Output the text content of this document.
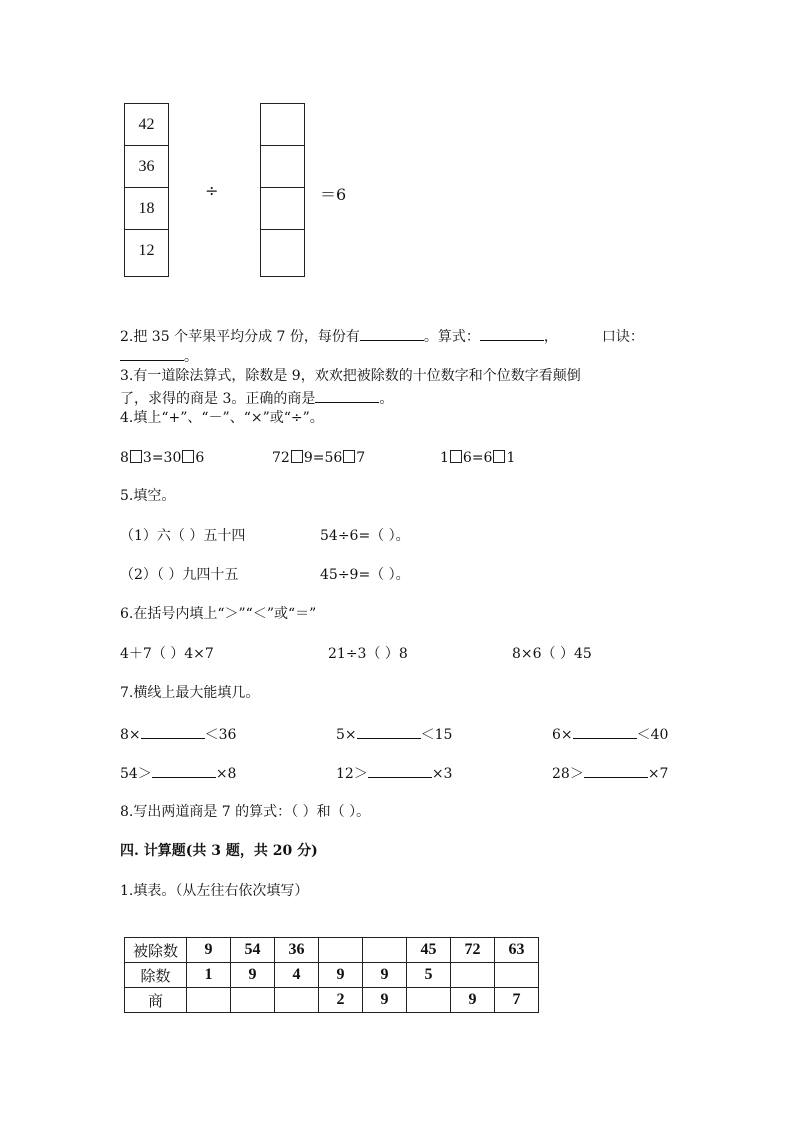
42
36
18
12
÷	＝6
2.把 35 个苹果平均分成 7 份，每份有	。算式：	，	口诀：
。
3.有一道除法算式，除数是 9，欢欢把被除数的十位数字和个位数字看颠倒
了，求得的商是 3。正确的商是	。
4.填上“+”、“－”、“×”或“÷”。
8 3=30 6	72 9=56 7	1 6=6 1
5.填空。
（1）六（ ）五十四	54÷6=（ ）。
（2）（ ）九四十五	45÷9=（ ）。
6.在括号内填上“＞”“＜”或“＝”
4＋7（ ）4×7	21÷3（ ）8	8×6（ ）45
7.横线上最大能填几。
8×	＜36	5×	＜15	6×	＜40
54＞	×8	12＞	×3	28＞	×7
8.写出两道商是 7 的算式：（ ）和（ ）。
四. 计算题(共 3 题，共 20 分)
1.填表。（从左往右依次填写）
被除数	9	54	36			45	72	63
除数	1	9	4	9	9	5		
商				2	9		9	7
